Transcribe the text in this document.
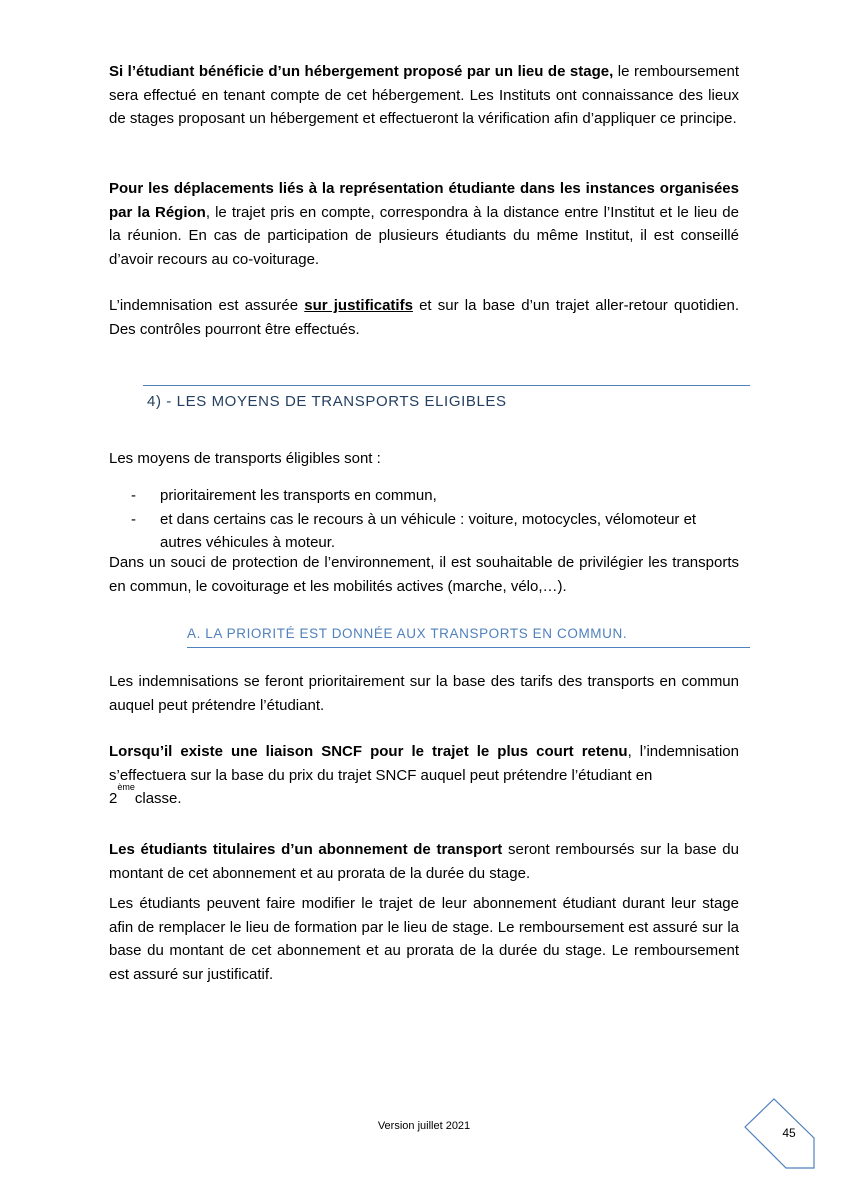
Si l’étudiant bénéficie d’un hébergement proposé par un lieu de stage, le remboursement sera effectué en tenant compte de cet hébergement. Les Instituts ont connaissance des lieux de stages proposant un hébergement et effectueront la vérification afin d’appliquer ce principe.

Pour les déplacements liés à la représentation étudiante dans les instances organisées par la Région, le trajet pris en compte, correspondra à la distance entre l’Institut et le lieu de la réunion. En cas de participation de plusieurs étudiants du même Institut, il est conseillé d’avoir recours au co-voiturage.

L’indemnisation est assurée sur justificatifs et sur la base d’un trajet aller-retour quotidien. Des contrôles pourront être effectués.

4) - LES MOYENS DE TRANSPORTS ELIGIBLES

Les moyens de transports éligibles sont :

- prioritairement les transports en commun,
- et dans certains cas le recours à un véhicule : voiture, motocycles, vélomoteur et autres véhicules à moteur.

Dans un souci de protection de l’environnement, il est souhaitable de privilégier les transports en commun, le covoiturage et les mobilités actives (marche, vélo,…).

A. LA PRIORITÉ EST DONNÉE AUX TRANSPORTS EN COMMUN.

Les indemnisations se feront prioritairement sur la base des tarifs des transports en commun auquel peut prétendre l’étudiant.

Lorsqu’il existe une liaison SNCF pour le trajet le plus court retenu, l’indemnisation s’effectuera sur la base du prix du trajet SNCF auquel peut prétendre l’étudiant en
2èmeclasse.

Les étudiants titulaires d’un abonnement de transport seront remboursés sur la base du montant de cet abonnement et au prorata de la durée du stage.

Les étudiants peuvent faire modifier le trajet de leur abonnement étudiant durant leur stage afin de remplacer le lieu de formation par le lieu de stage. Le remboursement est assuré sur la base du montant de cet abonnement et au prorata de la durée du stage. Le remboursement est assuré sur justificatif.

Version juillet 2021	45
